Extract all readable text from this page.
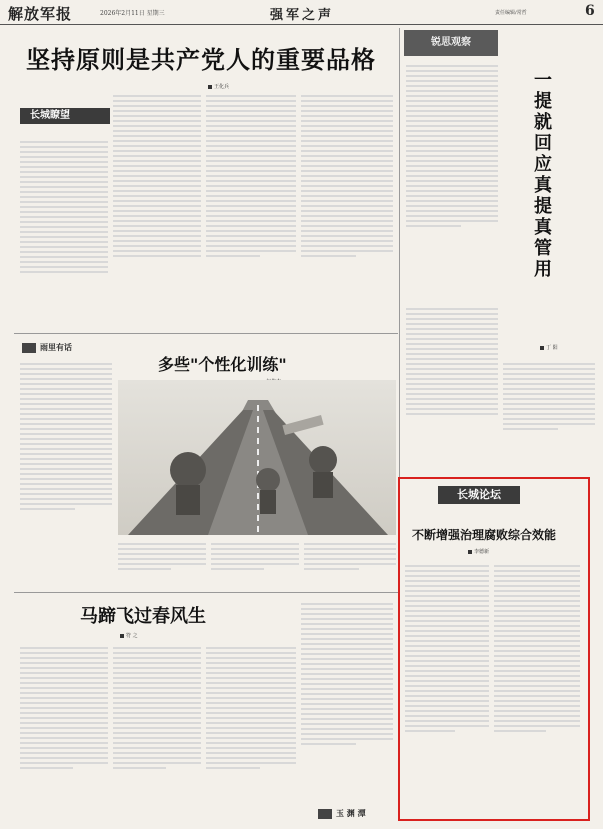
解放军报	2026年2月11日 星期三	强军之声	责任编辑/常哲	6
坚持原则是共产党人的重要品格
王化兵
长城瞭望
锐思观察
一提就回应 真提真管用
丁 阳
雨里有话
多些"个性化训练"
马蹄飞过春风生
符 之
玉 渊 潭
长城论坛
不断增强治理腐败综合效能
李德新
